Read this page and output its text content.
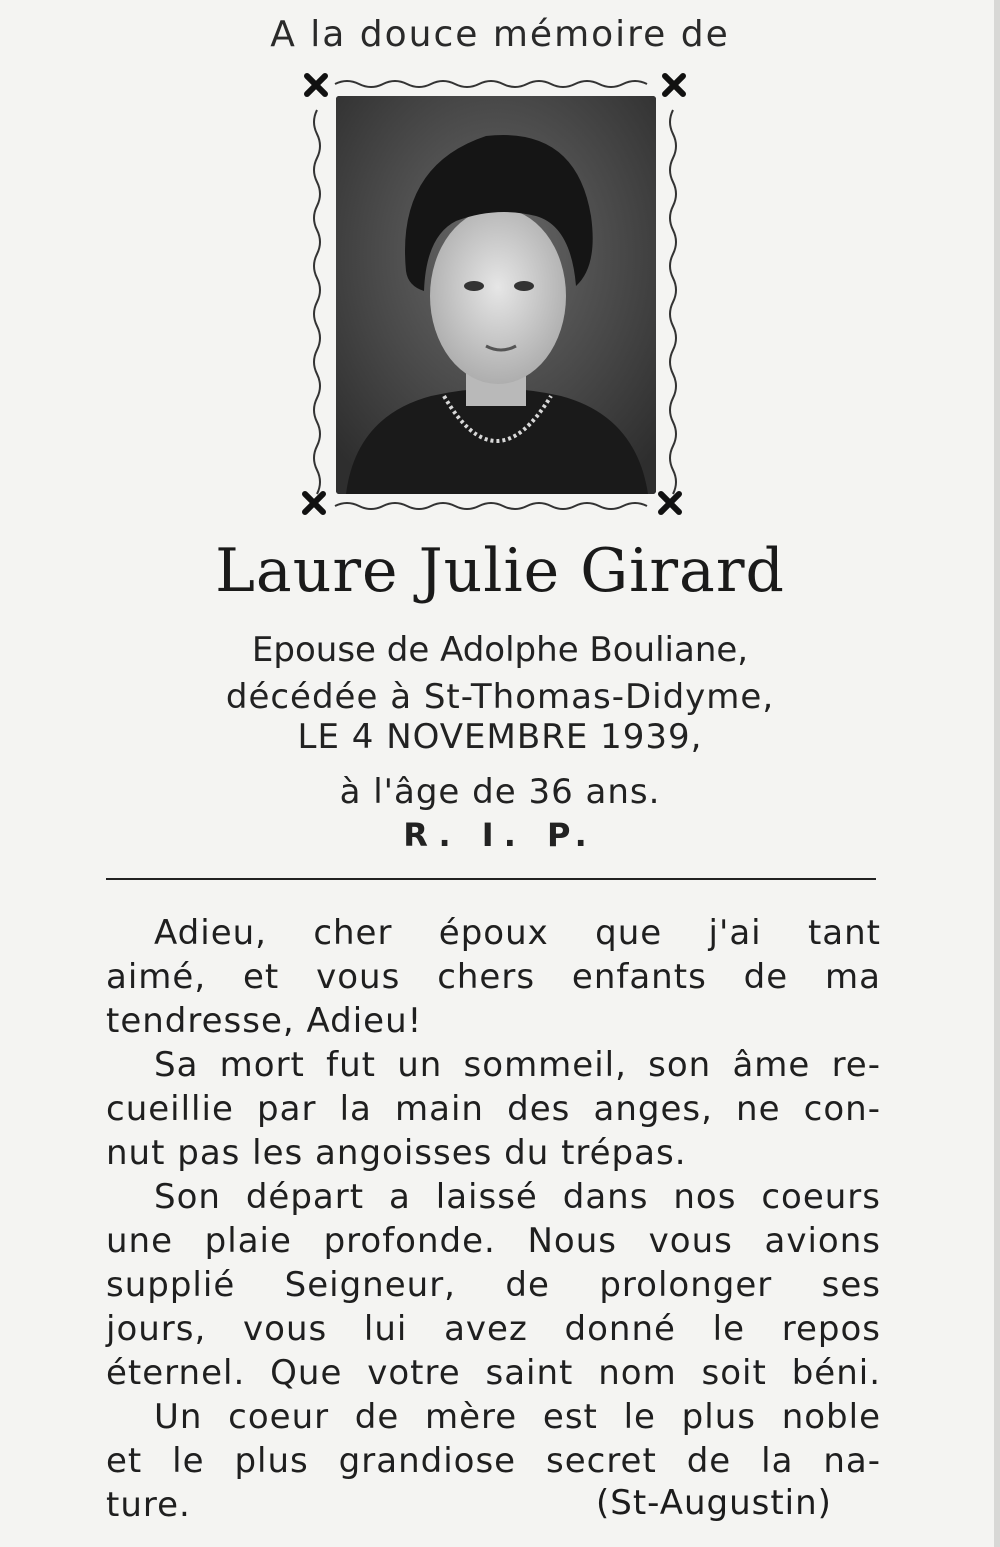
A la douce mémoire de
Laure Julie Girard
Epouse de Adolphe Bouliane,
décédée à St-Thomas-Didyme,
LE 4 NOVEMBRE 1939,
à l'âge de 36 ans.
R. I. P.
Adieu, cher époux que j'ai tant
aimé, et vous chers enfants de ma
tendresse, Adieu!
Sa mort fut un sommeil, son âme re-
cueillie par la main des anges, ne con-
nut pas les angoisses du trépas.
Son départ a laissé dans nos coeurs
une plaie profonde. Nous vous avions
supplié Seigneur, de prolonger ses
jours, vous lui avez donné le repos
éternel. Que votre saint nom soit béni.
Un coeur de mère est le plus noble
et le plus grandiose secret de la na-
ture.	(St-Augustin)
